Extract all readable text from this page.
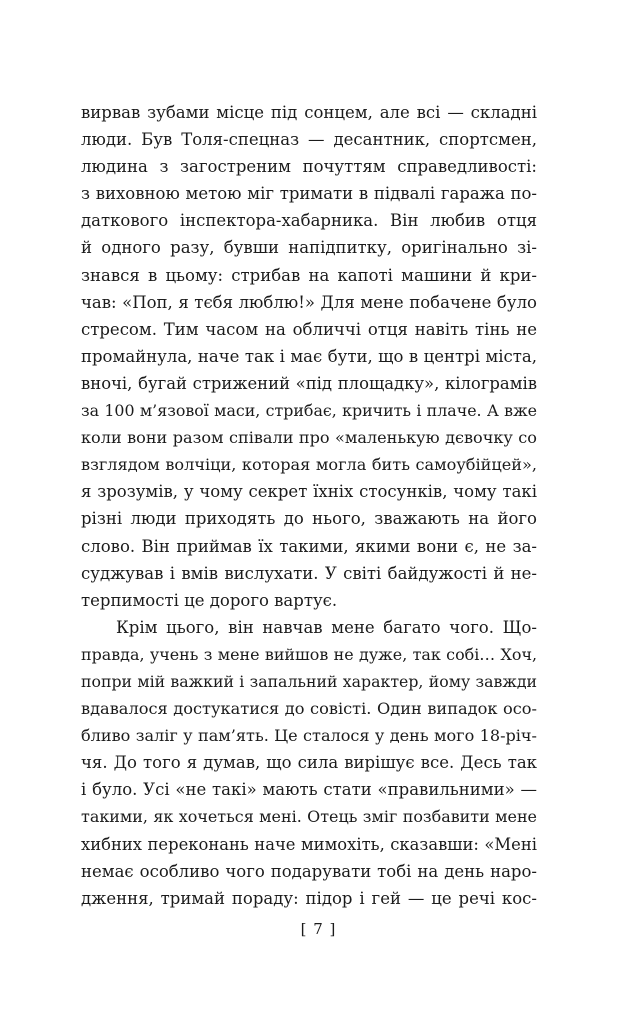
вирвав зубами місце під сонцем, але всі — складні
люди. Був Толя-спецназ — десантник, спортсмен,
людина з загостреним почуттям справедливості:
з виховною метою міг тримати в підвалі гаража по-
даткового інспектора-хабарника. Він любив отця
й одного разу, бувши напідпитку, оригінально зі-
знався в цьому: стрибав на капоті машини й кри-
чав: «Поп, я тєбя люблю!» Для мене побачене було
стресом. Тим часом на обличчі отця навіть тінь не
промайнула, наче так і має бути, що в центрі міста,
вночі, бугай стрижений «під площадку», кілограмів
за 100 м’язової маси, стрибає, кричить і плаче. А вже
коли вони разом співали про «маленькую дєвочку со
взглядом волчіци, которая могла бить самоубійцей»,
я зрозумів, у чому секрет їхніх стосунків, чому такі
різні люди приходять до нього, зважають на його
слово. Він приймав їх такими, якими вони є, не за-
суджував і вмів вислухати. У світі байдужості й не-
терпимості це дорого вартує.
Крім цього, він навчав мене багато чого. Що-
правда, учень з мене вийшов не дуже, так собі… Хоч,
попри мій важкий і запальний характер, йому завжди
вдавалося достукатися до совісті. Один випадок осо-
бливо заліг у пам’ять. Це сталося у день мого 18-річ-
чя. До того я думав, що сила вирішує все. Десь так
і було. Усі «не такі» мають стати «правильними» —
такими, як хочеться мені. Отець зміг позбавити мене
хибних переконань наче мимохіть, сказавши: «Мені
немає особливо чого подарувати тобі на день наро-
дження, тримай пораду: підор і гей — це речі кос-
[ 7 ]
